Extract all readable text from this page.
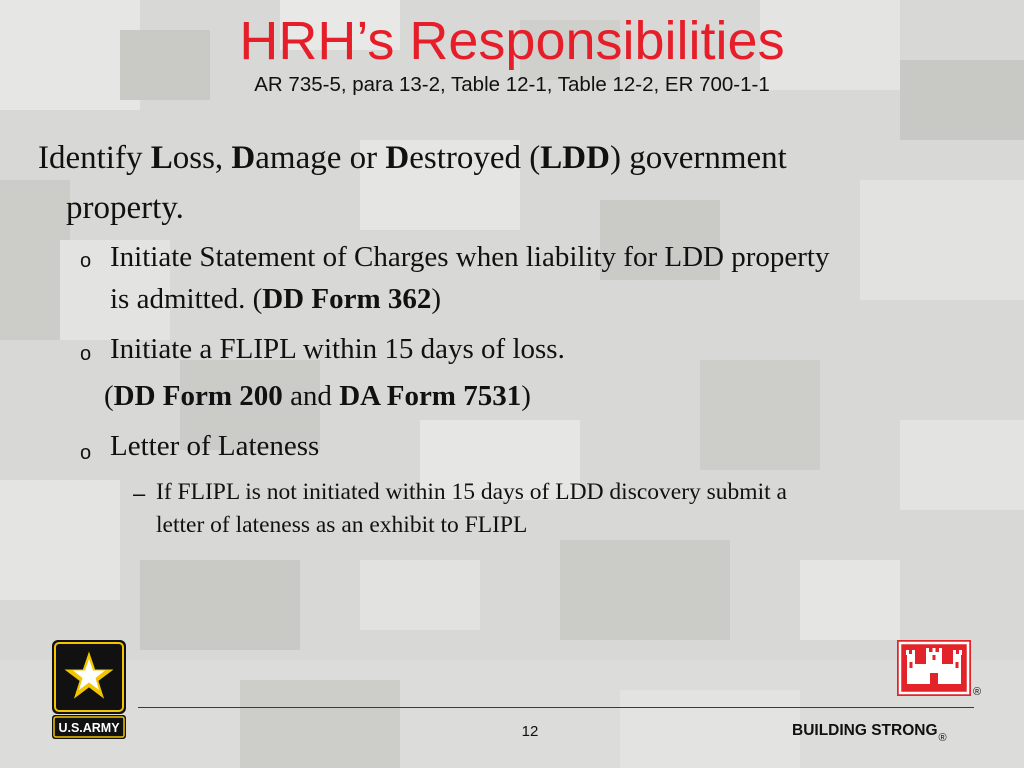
HRH’s Responsibilities
AR 735-5, para 13-2, Table 12-1, Table 12-2, ER 700-1-1
Identify Loss, Damage or Destroyed (LDD) government
property.
o Initiate Statement of Charges when liability for LDD property
is admitted. (DD Form 362)
o Initiate a FLIPL within 15 days of loss.
(DD Form 200 and DA Form 7531)
o Letter of Lateness
– If FLIPL is not initiated within 15 days of LDD discovery submit a
letter of lateness as an exhibit to FLIPL
U.S.ARMY
®
12	BUILDING $STRONG_®$
